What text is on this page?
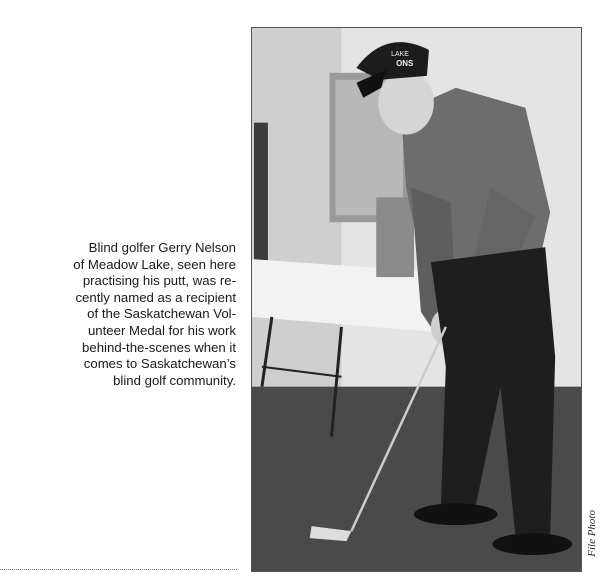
Blind golfer Gerry Nelson
of Meadow Lake, seen here
practising his putt, was re-
cently named as a recipient
of the Saskatchewan Vol-
unteer Medal for his work
behind-the-scenes when it
comes to Saskatchewan’s
blind golf community.
LAKE
ONS
File Photo
